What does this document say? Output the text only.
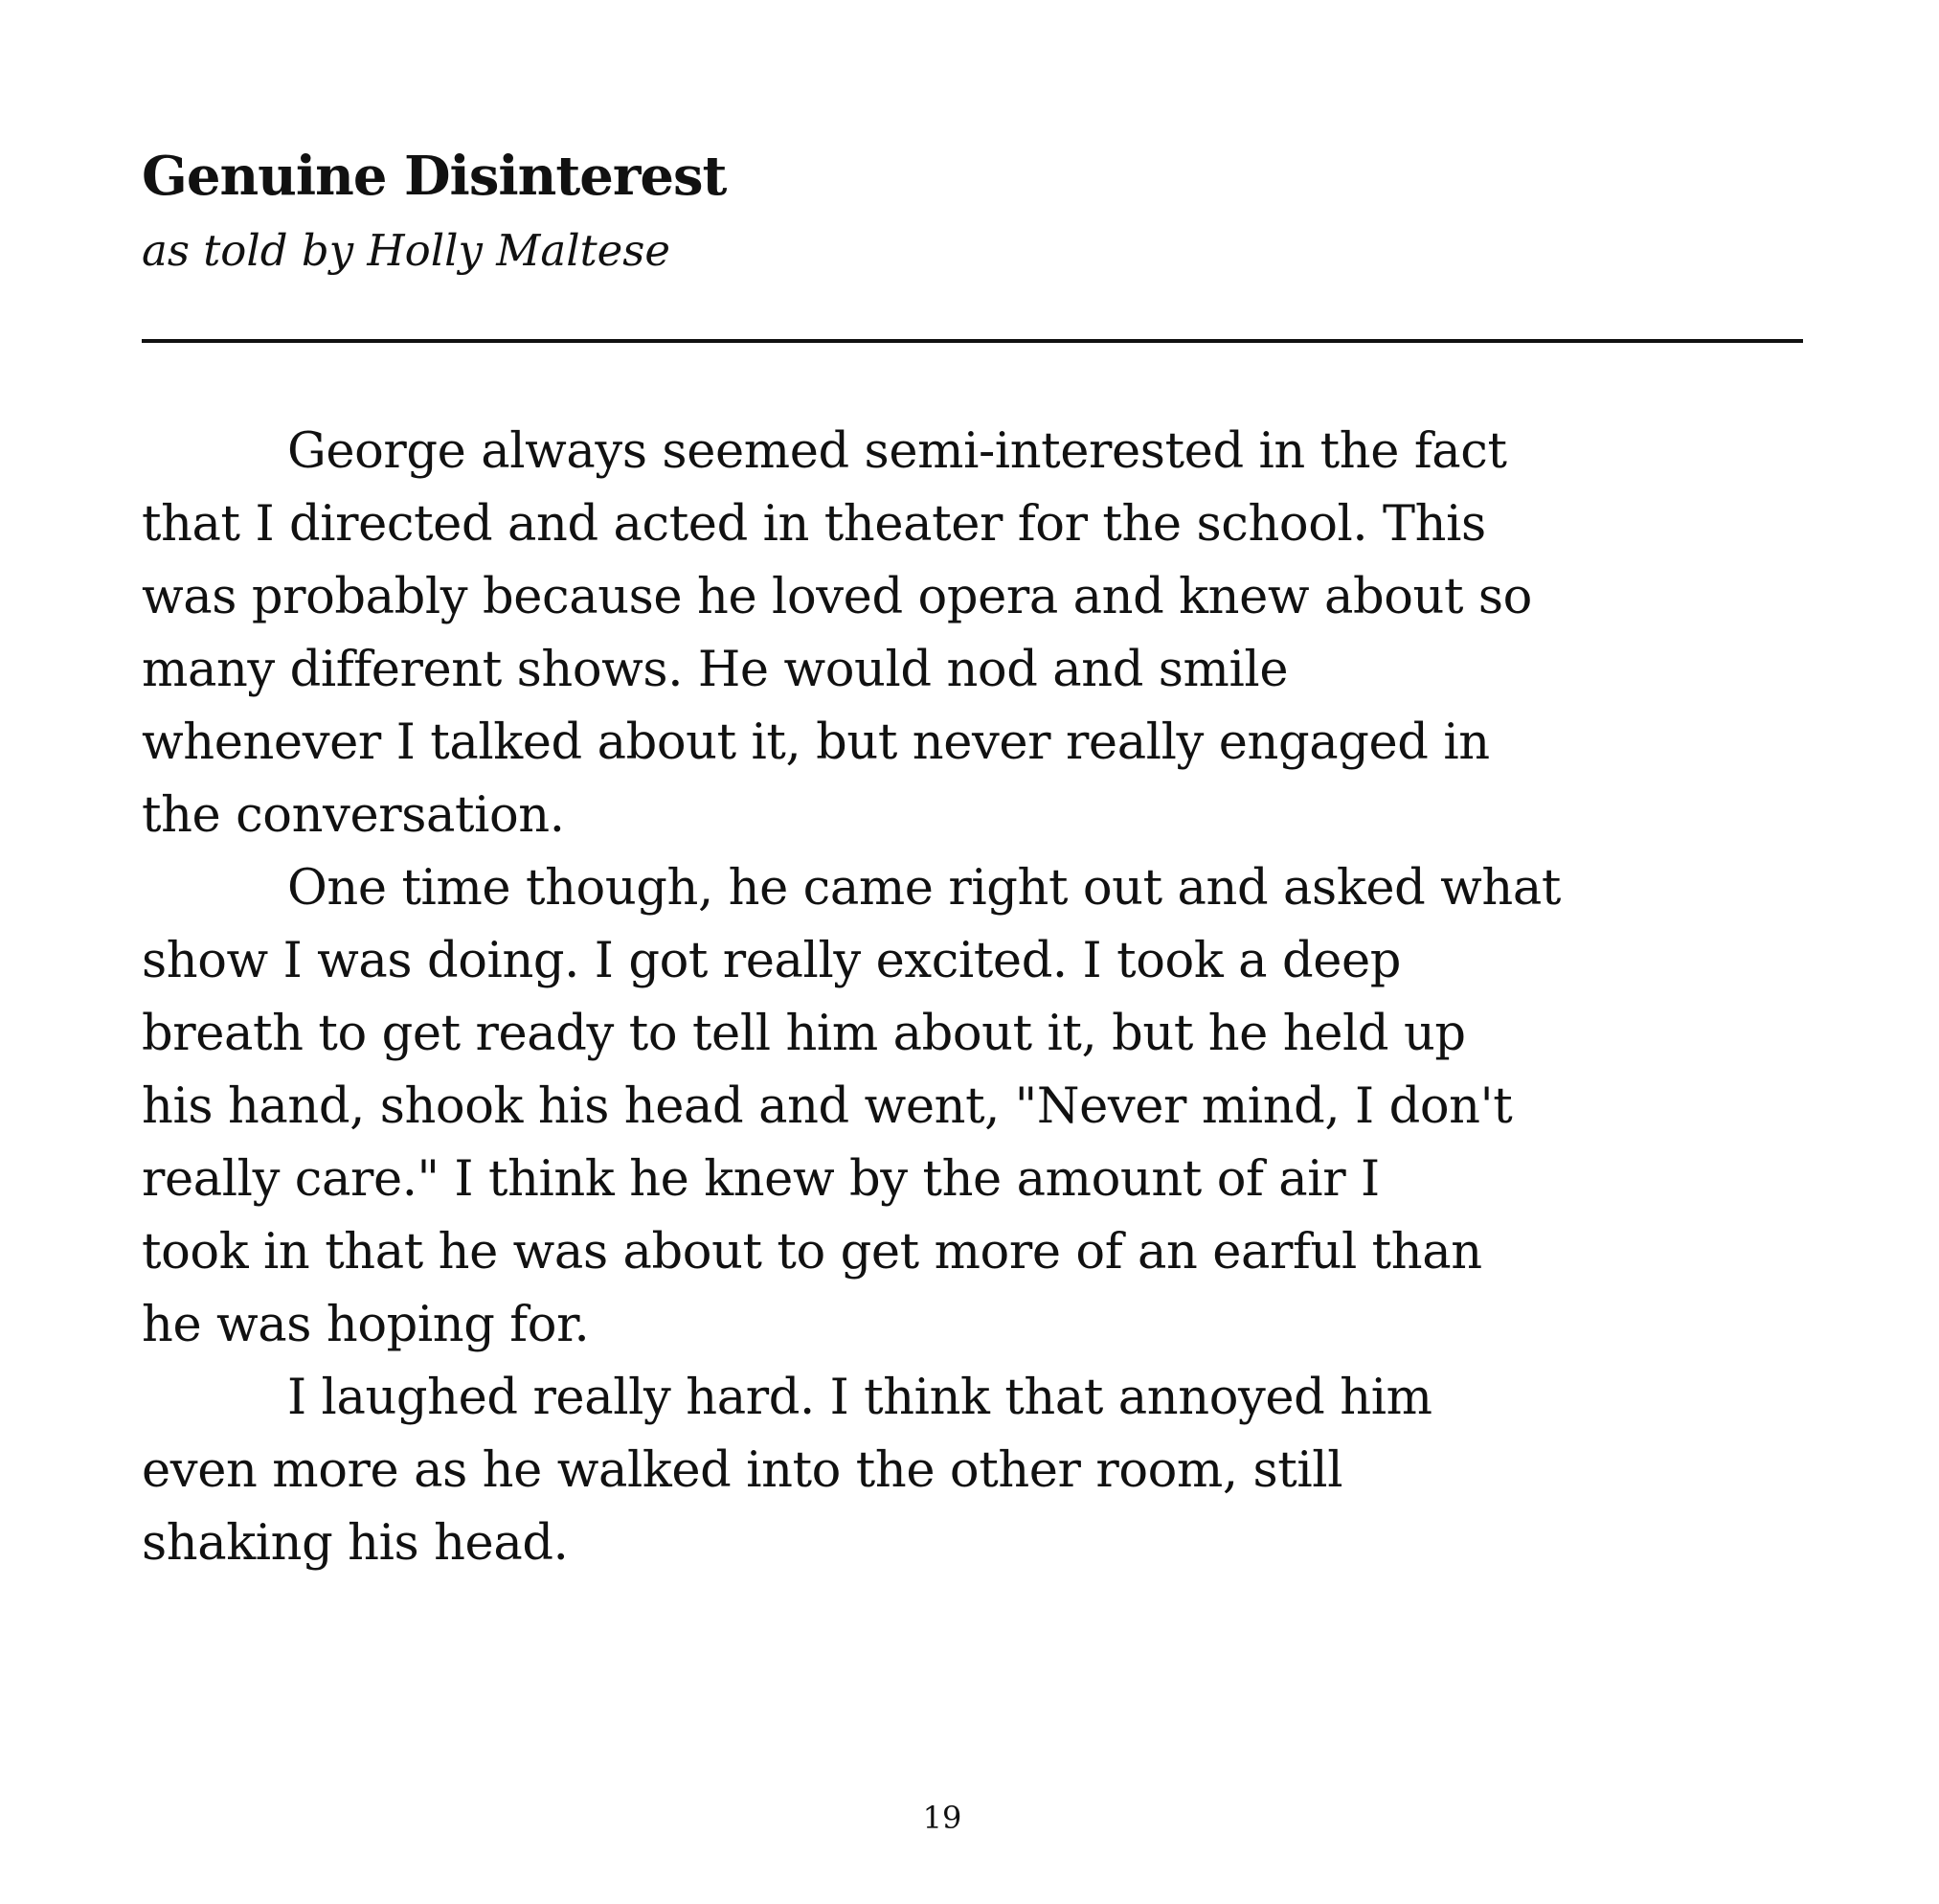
Genuine Disinterest

as told by Holly Maltese

George always seemed semi-interested in the fact
that I directed and acted in theater for the school. This
was probably because he loved opera and knew about so
many different shows. He would nod and smile
whenever I talked about it, but never really engaged in
the conversation.

One time though, he came right out and asked what
show I was doing. I got really excited. I took a deep
breath to get ready to tell him about it, but he held up
his hand, shook his head and went, "Never mind, I don't
really care." I think he knew by the amount of air I
took in that he was about to get more of an earful than
he was hoping for.

I laughed really hard. I think that annoyed him
even more as he walked into the other room, still
shaking his head.

19
